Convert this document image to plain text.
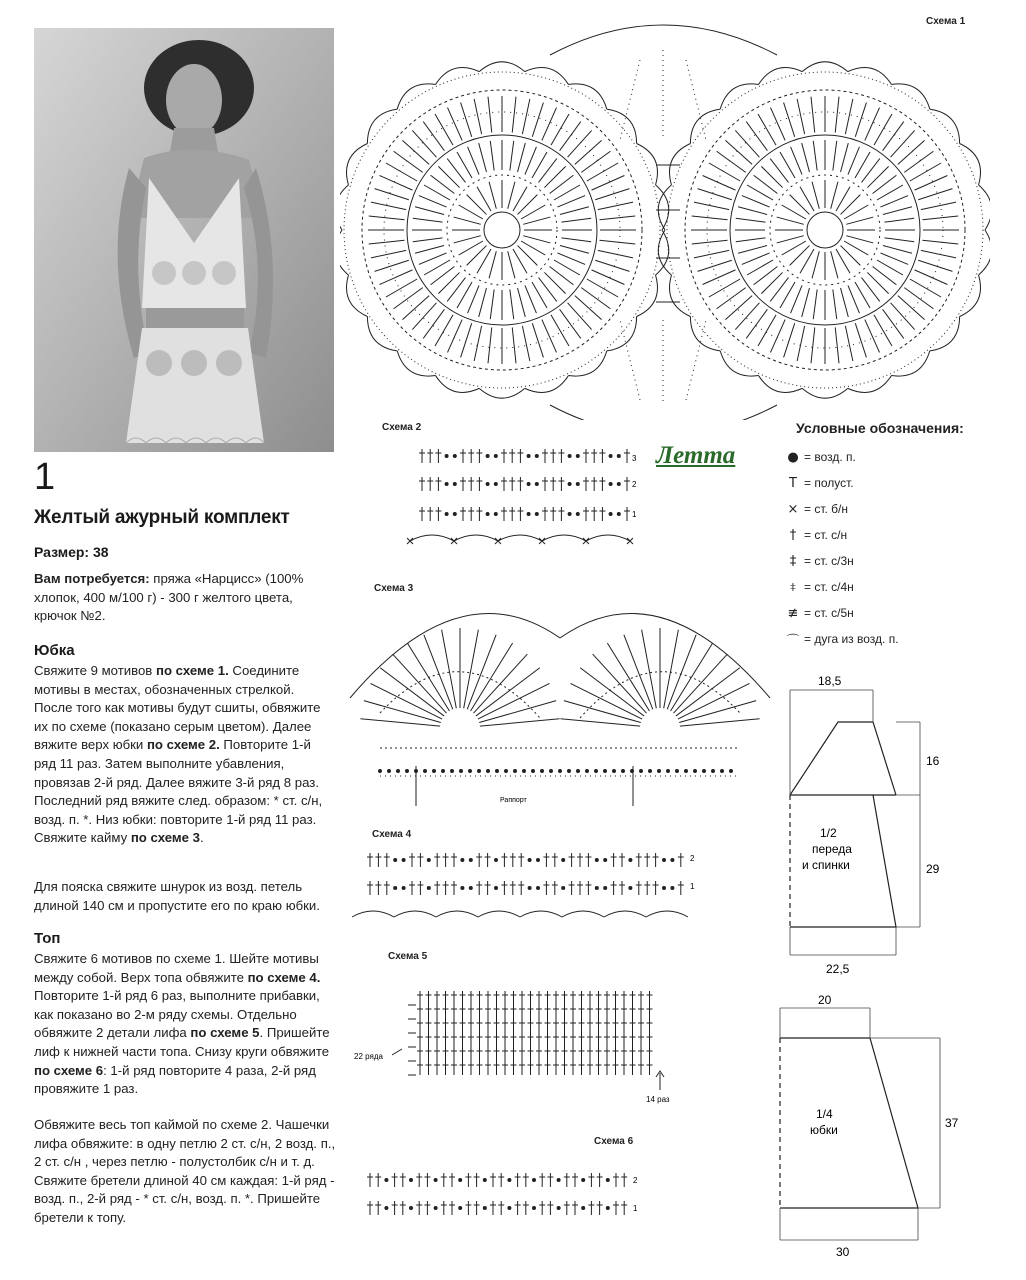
1
Желтый ажурный комплект
Размер: 38
Вам потребуется: пряжа «Нарцисс» (100% хлопок, 400 м/100 г) - 300 г желтого цвета, крючок №2.
Юбка
Свяжите 9 мотивов по схеме 1. Соедините мотивы в местах, обозначенных стрелкой. После того как мотивы будут сшиты, обвяжите их по схеме (показано серым цветом). Далее вяжите верх юбки по схеме 2. Повторите 1-й ряд 11 раз. Затем выполните убавления, провязав 2-й ряд. Далее вяжите 3-й ряд 8 раз. Последний ряд вяжите след. образом: * ст. с/н, возд. п. *. Низ юбки: повторите 1-й ряд 11 раз. Свяжите кайму по схеме 3.
Для пояска свяжите шнурок из возд. петель длиной 140 см и пропустите его по краю юбки.
Топ
Свяжите 6 мотивов по схеме 1. Шейте мотивы между собой. Верх топа обвяжите по схеме 4. Повторите 1-й ряд 6 раз, выполните прибавки, как показано во 2-м ряду схемы. Отдельно обвяжите 2 детали лифа по схеме 5. Пришейте лиф к нижней части топа. Снизу круги обвяжите по схеме 6: 1-й ряд повторите 4 раза, 2-й ряд провяжите 1 раз.
Обвяжите весь топ каймой по схеме 2. Чашечки лифа обвяжите: в одну петлю 2 ст. с/н, 2 возд. п., 2 ст. с/н , через петлю - полустолбик с/н и т. д. Свяжите бретели длиной 40 см каждая: 1-й ряд - возд. п., 2-й ряд - * ст. с/н, возд. п. *. Пришейте бретели к топу.
Схема 1
Схема 2
Схема 3
Схема 4
Схема 5
Схема 6
Летта
3
2
1
Раппорт
2
1
22 ряда
14 раз
2
1
Условные обозначения:
● = возд. п.
T = полуст.
× = ст. б/н
† = ст. с/н
‡ = ст. с/3н
⧧ = ст. с/4н
≢ = ст. с/5н
⌒ = дуга из возд. п.
18,5
16
29
22,5
1/2
переда
и спинки
20
37
30
1/4
юбки
